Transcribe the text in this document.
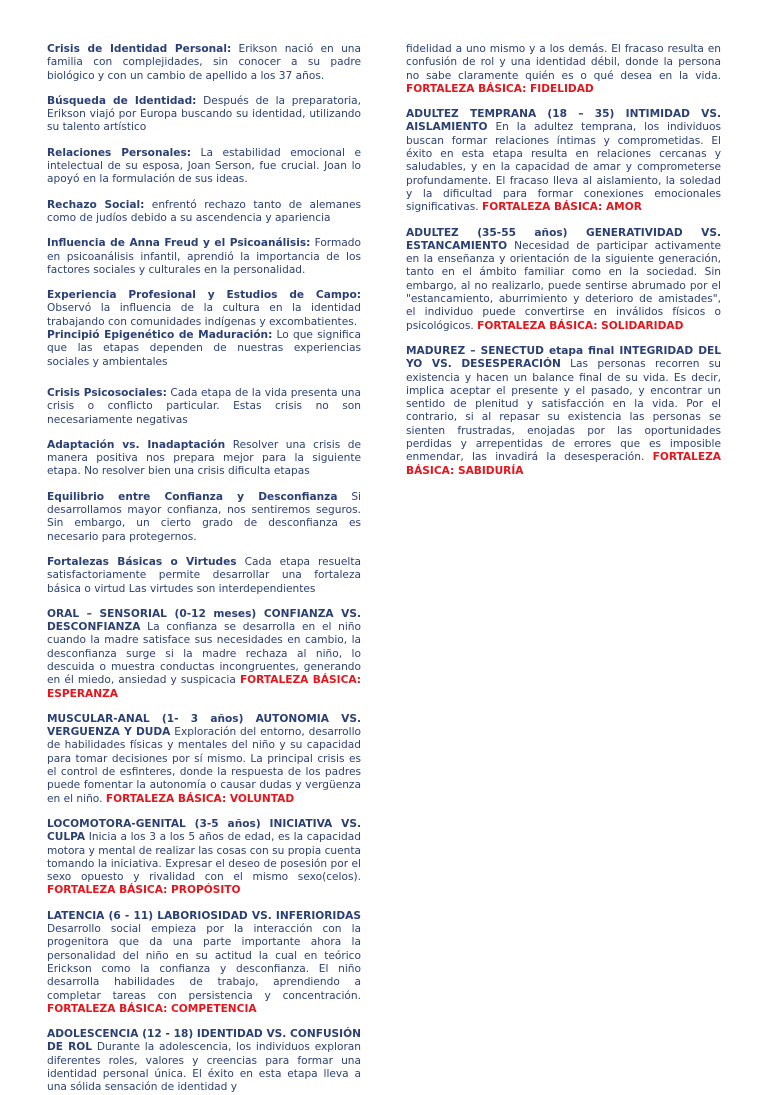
Crisis de Identidad Personal: Erikson nació en una familia con complejidades, sin conocer a su padre biológico y con un cambio de apellido a los 37 años.

Búsqueda de Identidad: Después de la preparatoria, Erikson viajó por Europa buscando su identidad, utilizando su talento artístico

Relaciones Personales: La estabilidad emocional e intelectual de su esposa, Joan Serson, fue crucial. Joan lo apoyó en la formulación de sus ideas.

Rechazo Social: enfrentó rechazo tanto de alemanes como de judíos debido a su ascendencia y apariencia

Influencia de Anna Freud y el Psicoanálisis: Formado en psicoanálisis infantil, aprendió la importancia de los factores sociales y culturales en la personalidad.

Experiencia Profesional y Estudios de Campo: Observó la influencia de la cultura en la identidad trabajando con comunidades indígenas y excombatientes.

Principió Epigenético de Maduración: Lo que significa que las etapas dependen de nuestras experiencias sociales y ambientales

Crisis Psicosociales: Cada etapa de la vida presenta una crisis o conflicto particular. Estas crisis no son necesariamente negativas

Adaptación vs. Inadaptación Resolver una crisis de manera positiva nos prepara mejor para la siguiente etapa. No resolver bien una crisis dificulta etapas

Equilibrio entre Confianza y Desconfianza Si desarrollamos mayor confianza, nos sentiremos seguros. Sin embargo, un cierto grado de desconfianza es necesario para protegernos.

Fortalezas Básicas o Virtudes Cada etapa resuelta satisfactoriamente permite desarrollar una fortaleza básica o virtud Las virtudes son interdependientes

ORAL – SENSORIAL (0-12 meses) CONFIANZA VS. DESCONFIANZA La confianza se desarrolla en el niño cuando la madre satisface sus necesidades en cambio, la desconfianza surge si la madre rechaza al niño, lo descuida o muestra conductas incongruentes, generando en él miedo, ansiedad y suspicacia FORTALEZA BÁSICA: ESPERANZA

MUSCULAR-ANAL (1- 3 años) AUTONOMIA VS. VERGUENZA Y DUDA Exploración del entorno, desarrollo de habilidades físicas y mentales del niño y su capacidad para tomar decisiones por sí mismo. La principal crisis es el control de esfinteres, donde la respuesta de los padres puede fomentar la autonomía o causar dudas y vergüenza en el niño. FORTALEZA BÁSICA: VOLUNTAD

LOCOMOTORA-GENITAL (3-5 años) INICIATIVA VS. CULPA Inicia a los 3 a los 5 años de edad, es la capacidad motora y mental de realizar las cosas con su propia cuenta tomando la iniciativa. Expresar el deseo de posesión por el sexo opuesto y rivalidad con el mismo sexo(celos). FORTALEZA BÁSICA: PROPÓSITO

LATENCIA (6 - 11) LABORIOSIDAD VS. INFERIORIDAS Desarrollo social empieza por la interacción con la progenitora que da una parte importante ahora la personalidad del niño en su actitud la cual en teórico Erickson como la confianza y desconfianza. El niño desarrolla habilidades de trabajo, aprendiendo a completar tareas con persistencia y concentración. FORTALEZA BÁSICA: COMPETENCIA

ADOLESCENCIA (12 - 18) IDENTIDAD VS. CONFUSIÓN DE ROL Durante la adolescencia, los individuos exploran diferentes roles, valores y creencias para formar una identidad personal única. El éxito en esta etapa lleva a una sólida sensación de identidad y

fidelidad a uno mismo y a los demás. El fracaso resulta en confusión de rol y una identidad débil, donde la persona no sabe claramente quién es o qué desea en la vida. FORTALEZA BÁSICA: FIDELIDAD

ADULTEZ TEMPRANA (18 – 35) INTIMIDAD VS. AISLAMIENTO En la adultez temprana, los individuos buscan formar relaciones íntimas y comprometidas. El éxito en esta etapa resulta en relaciones cercanas y saludables, y en la capacidad de amar y comprometerse profundamente. El fracaso lleva al aislamiento, la soledad y la dificultad para formar conexiones emocionales significativas. FORTALEZA BÁSICA: AMOR

ADULTEZ (35-55 años) GENERATIVIDAD VS. ESTANCAMIENTO Necesidad de participar activamente en la enseñanza y orientación de la siguiente generación, tanto en el ámbito familiar como en la sociedad. Sin embargo, al no realizarlo, puede sentirse abrumado por el "estancamiento, aburrimiento y deterioro de amistades", el individuo puede convertirse en inválidos físicos o psicológicos. FORTALEZA BÁSICA: SOLIDARIDAD

MADUREZ – SENECTUD etapa final INTEGRIDAD DEL YO VS. DESESPERACIÓN Las personas recorren su existencia y hacen un balance final de su vida. Es decir, implica aceptar el presente y el pasado, y encontrar un sentido de plenitud y satisfacción en la vida. Por el contrario, si al repasar su existencia las personas se sienten frustradas, enojadas por las oportunidades perdidas y arrepentidas de errores que es imposible enmendar, las invadirá la desesperación. FORTALEZA BÁSICA: SABIDURÍA
